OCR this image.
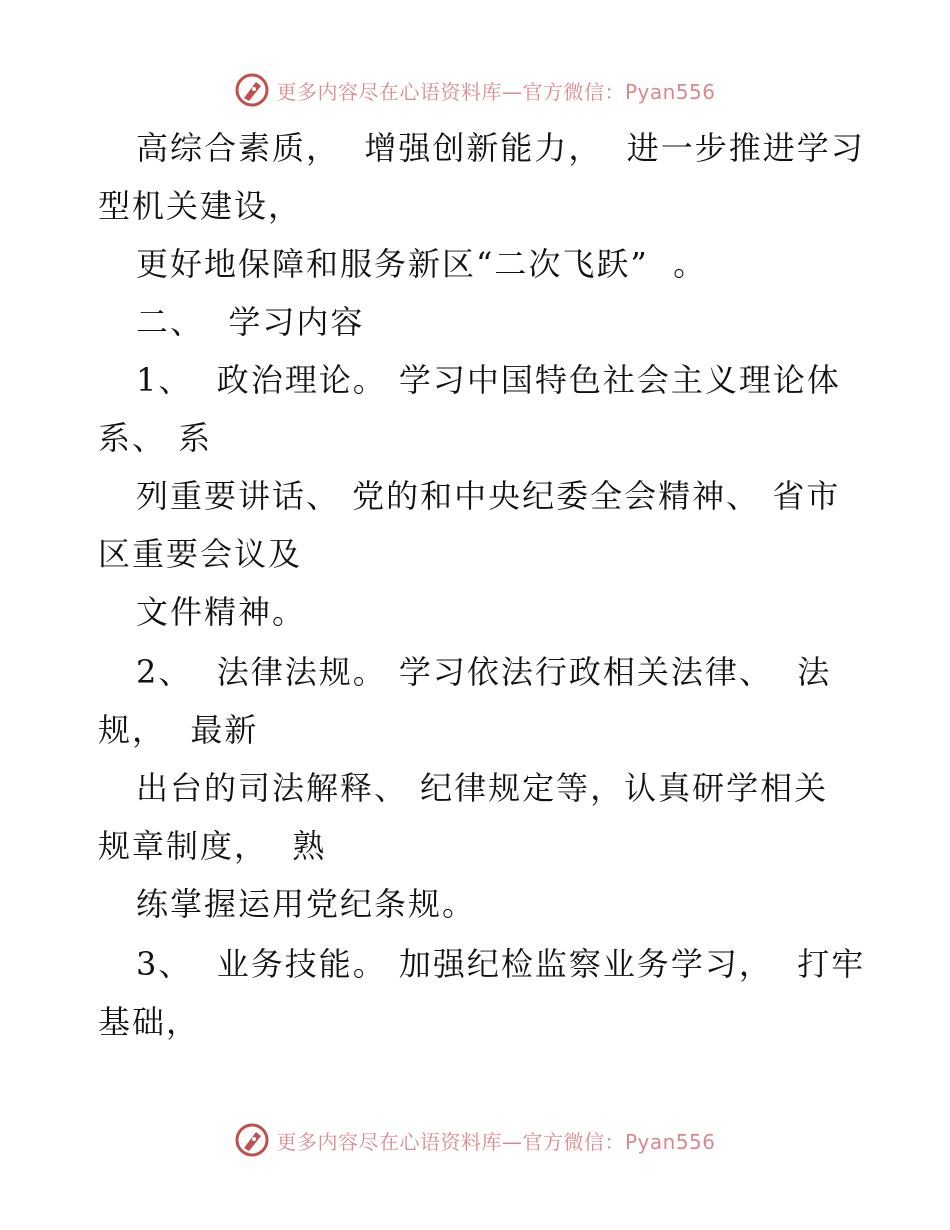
更多内容尽在心语资料库—官方微信：Pyan556
高综合素质，  增强创新能力，  进一步推进学习
型机关建设，
更好地保障和服务新区“二次飞跃”  。
二、  学习内容
1、  政治理论。 学习中国特色社会主义理论体
系、 系
列重要讲话、 党的和中央纪委全会精神、 省市
区重要会议及
文件精神。
2、  法律法规。 学习依法行政相关法律、  法
规，  最新
出台的司法解释、 纪律规定等，认真研学相关
规章制度，  熟
练掌握运用党纪条规。
3、  业务技能。 加强纪检监察业务学习，  打牢
基础，
更多内容尽在心语资料库—官方微信：Pyan556
